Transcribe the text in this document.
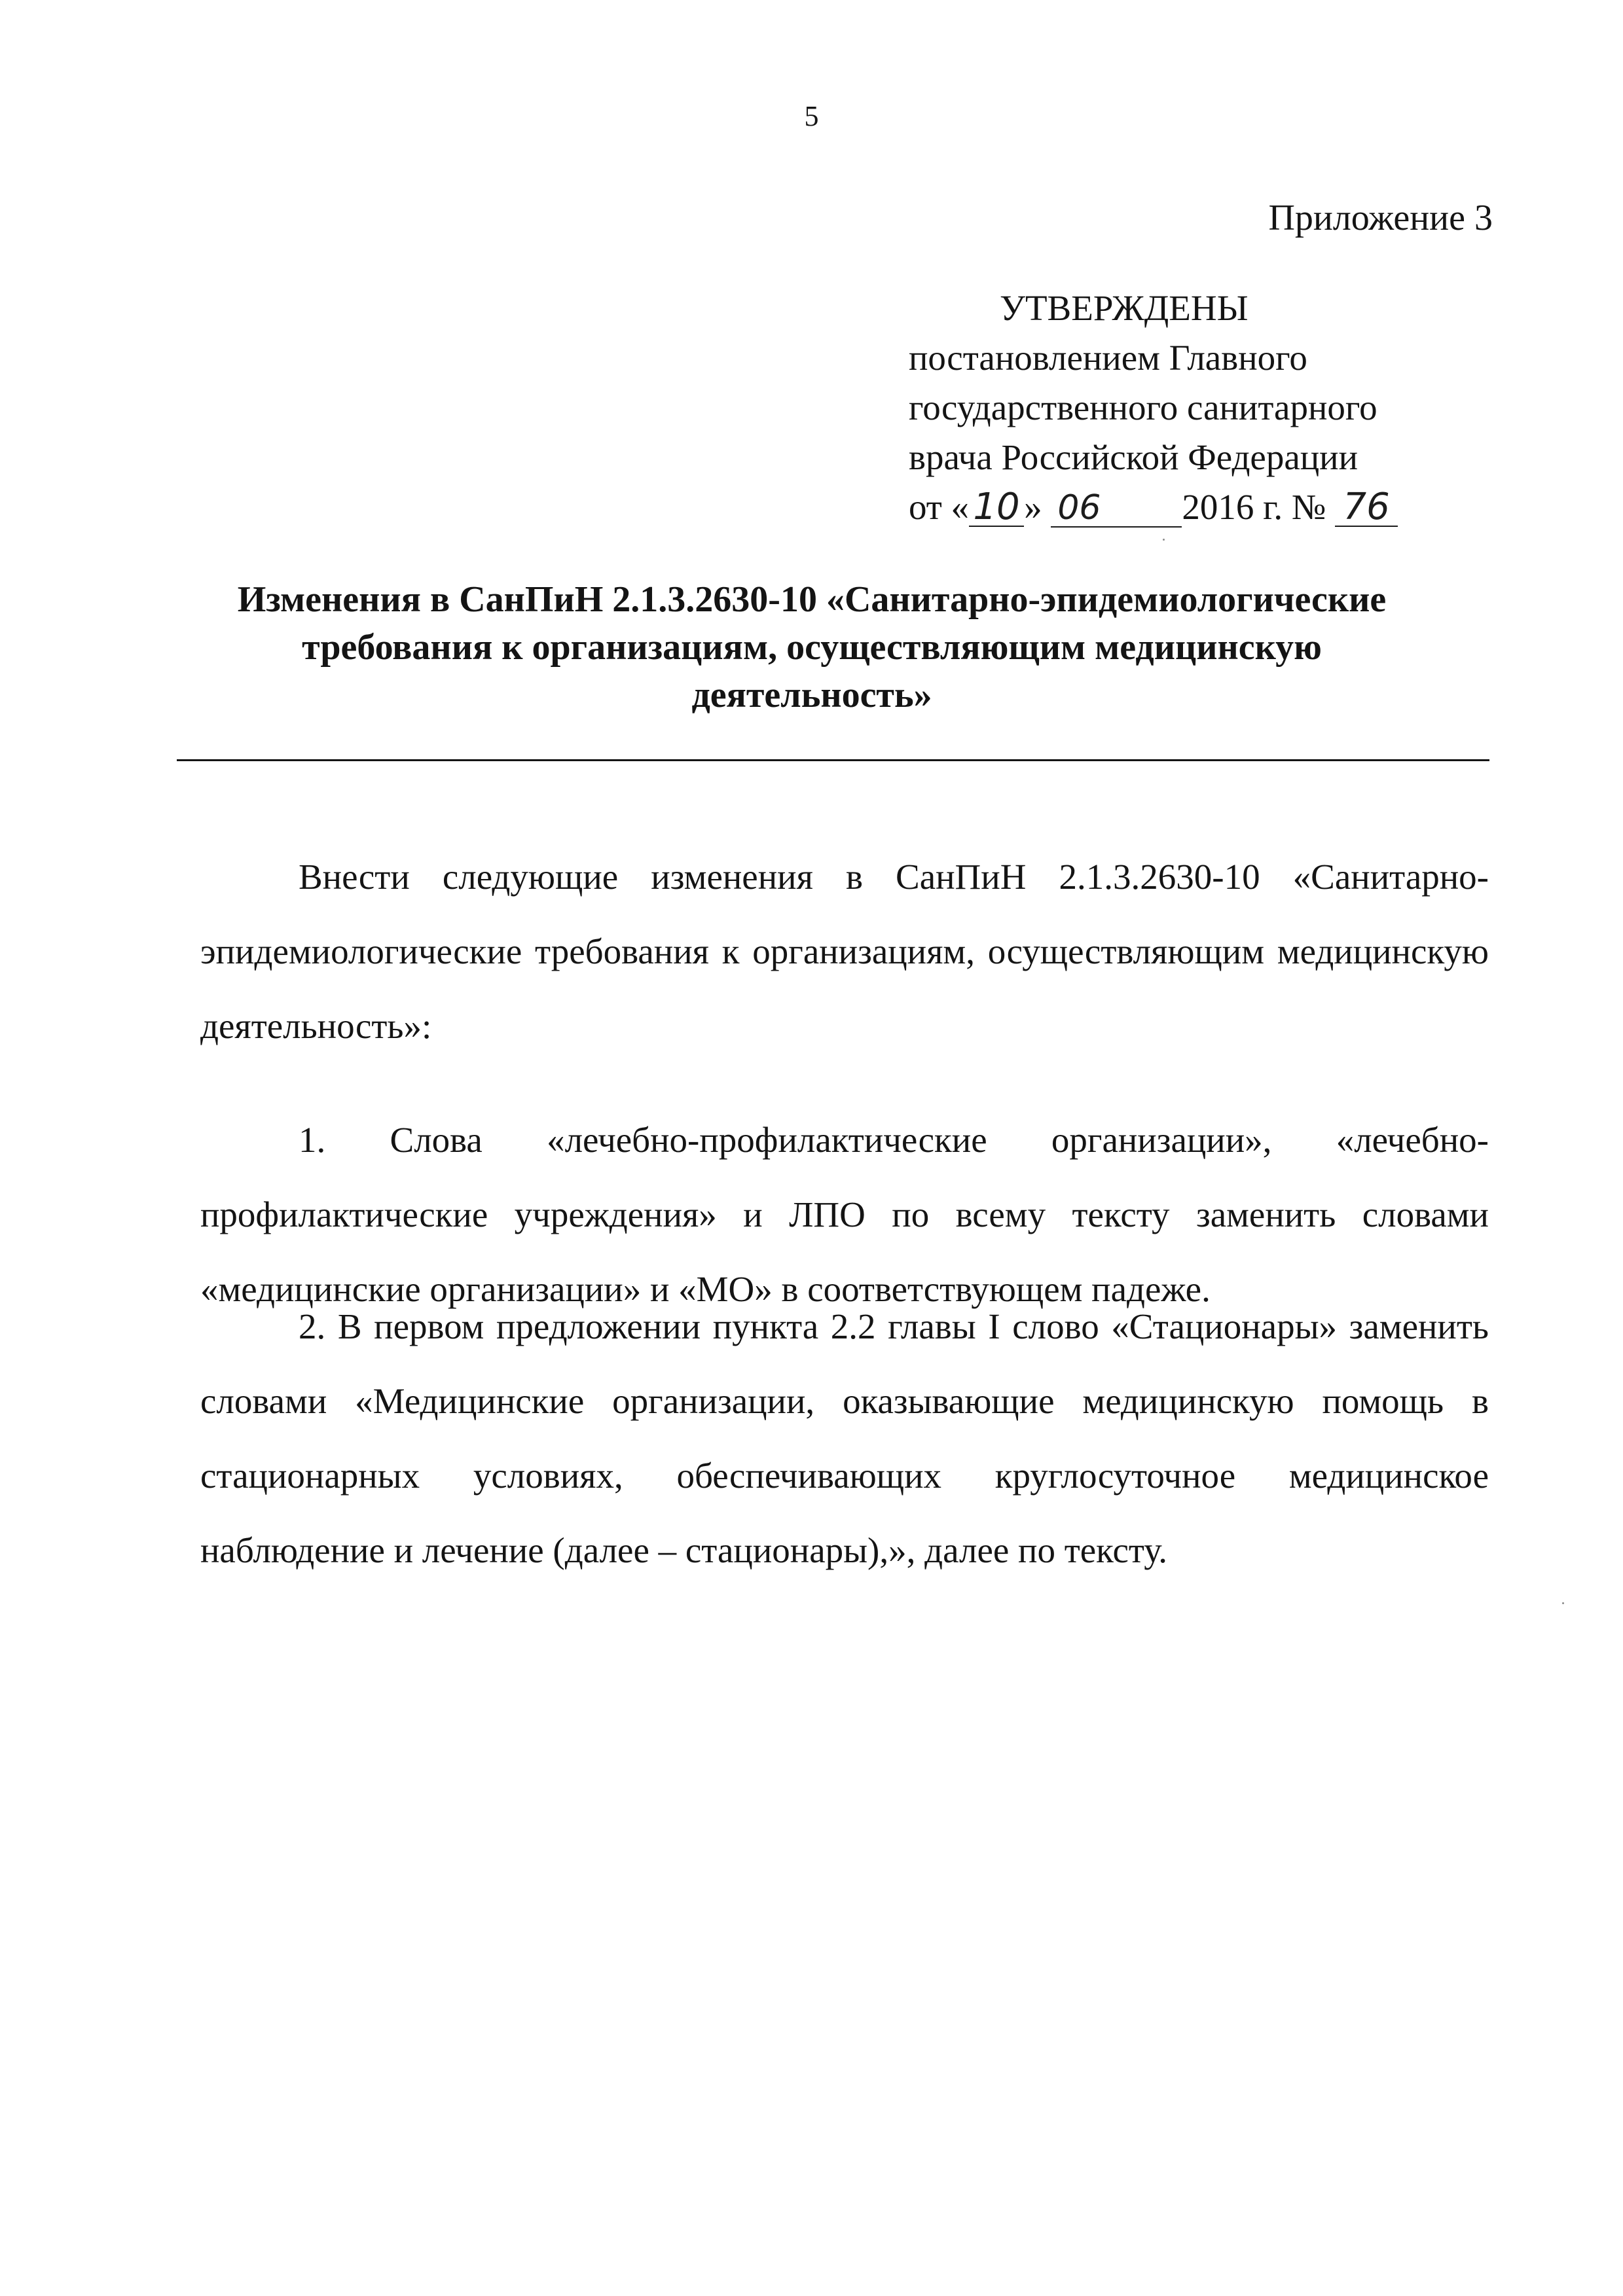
5
Приложение 3
УТВЕРЖДЕНЫ
постановлением Главного
государственного санитарного
врача Российской Федерации
от « 10 » 06 2016 г. № 76
Изменения в СанПиН 2.1.3.2630-10 «Санитарно-эпидемиологические
требования к организациям, осуществляющим медицинскую
деятельность»
Внести следующие изменения в СанПиН 2.1.3.2630-10 «Санитарно-эпидемиологические требования к организациям, осуществляющим медицинскую деятельность»:
1. Слова «лечебно-профилактические организации», «лечебно-профилактические учреждения» и ЛПО по всему тексту заменить словами «медицинские организации» и «МО» в соответствующем падеже.
2. В первом предложении пункта 2.2 главы I слово «Стационары» заменить словами «Медицинские организации, оказывающие медицинскую помощь в стационарных условиях, обеспечивающих круглосуточное медицинское наблюдение и лечение (далее – стационары),», далее по тексту.
